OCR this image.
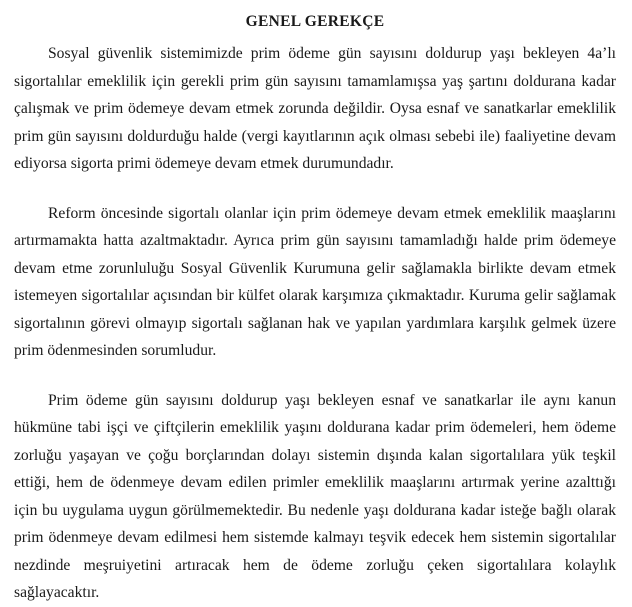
GENEL GEREKÇE

Sosyal güvenlik sistemimizde prim ödeme gün sayısını doldurup yaşı bekleyen 4a’lı sigortalılar emeklilik için gerekli prim gün sayısını tamamlamışsa yaş şartını doldurana kadar çalışmak ve prim ödemeye devam etmek zorunda değildir. Oysa esnaf ve sanatkarlar emeklilik prim gün sayısını doldurduğu halde (vergi kayıtlarının açık olması sebebi ile) faaliyetine devam ediyorsa sigorta primi ödemeye devam etmek durumundadır.

Reform öncesinde sigortalı olanlar için prim ödemeye devam etmek emeklilik maaşlarını artırmamakta hatta azaltmaktadır. Ayrıca prim gün sayısını tamamladığı halde prim ödemeye devam etme zorunluluğu Sosyal Güvenlik Kurumuna gelir sağlamakla birlikte devam etmek istemeyen sigortalılar açısından bir külfet olarak karşımıza çıkmaktadır. Kuruma gelir sağlamak sigortalının görevi olmayıp sigortalı sağlanan hak ve yapılan yardımlara karşılık gelmek üzere prim ödenmesinden sorumludur.

Prim ödeme gün sayısını doldurup yaşı bekleyen esnaf ve sanatkarlar ile aynı kanun hükmüne tabi işçi ve çiftçilerin emeklilik yaşını doldurana kadar prim ödemeleri, hem ödeme zorluğu yaşayan ve çoğu borçlarından dolayı sistemin dışında kalan sigortalılara yük teşkil ettiği, hem de ödenmeye devam edilen primler emeklilik maaşlarını artırmak yerine azalttığı için bu uygulama uygun görülmemektedir. Bu nedenle yaşı doldurana kadar isteğe bağlı olarak prim ödenmeye devam edilmesi hem sistemde kalmayı teşvik edecek hem sistemin sigortalılar nezdinde meşruiyetini artıracak hem de ödeme zorluğu çeken sigortalılara kolaylık sağlayacaktır.
